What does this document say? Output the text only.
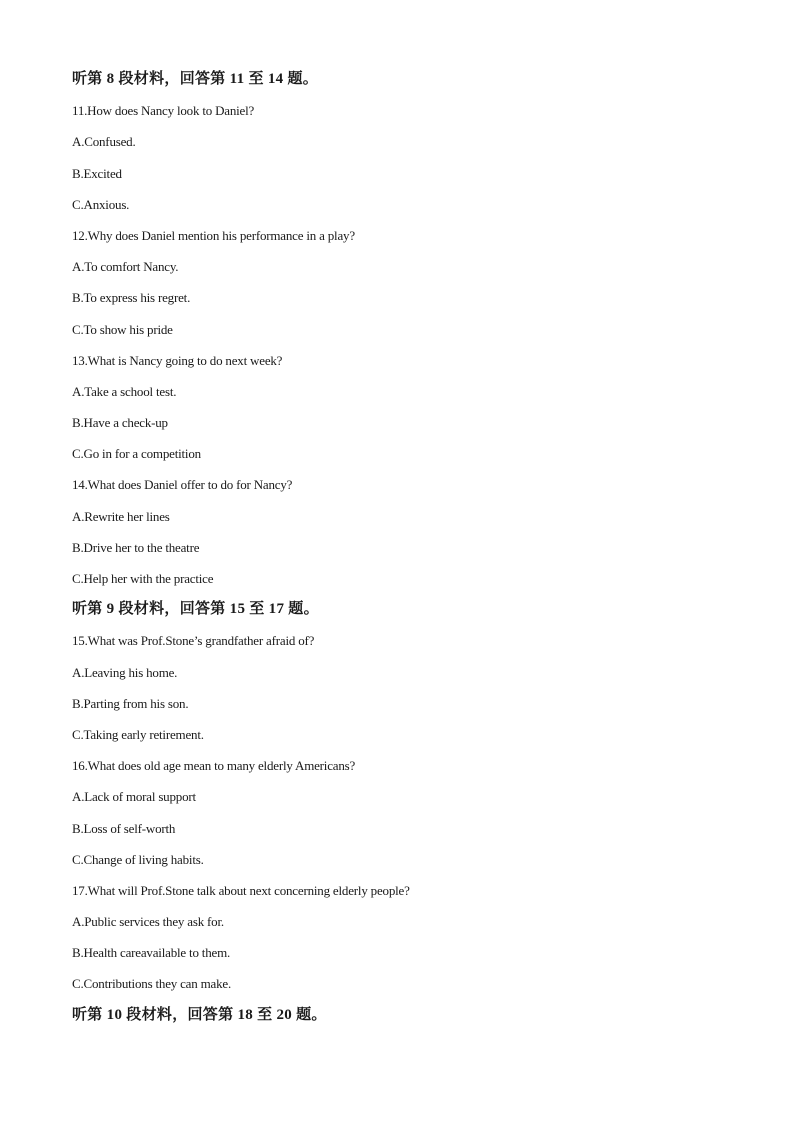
听第 8 段材料，回答第 11 至 14 题。
11.How does Nancy look to Daniel?
A.Confused.
B.Excited
C.Anxious.
12.Why does Daniel mention his performance in a play?
A.To comfort Nancy.
B.To express his regret.
C.To show his pride
13.What is Nancy going to do next week?
A.Take a school test.
B.Have a check-up
C.Go in for a competition
14.What does Daniel offer to do for Nancy?
A.Rewrite her lines
B.Drive her to the theatre
C.Help her with the practice
听第 9 段材料，回答第 15 至 17 题。
15.What was Prof.Stone’s grandfather afraid of?
A.Leaving his home.
B.Parting from his son.
C.Taking early retirement.
16.What does old age mean to many elderly Americans?
A.Lack of moral support
B.Loss of self-worth
C.Change of living habits.
17.What will Prof.Stone talk about next concerning elderly people?
A.Public services they ask for.
B.Health careavailable to them.
C.Contributions they can make.
听第 10 段材料，回答第 18 至 20 题。
